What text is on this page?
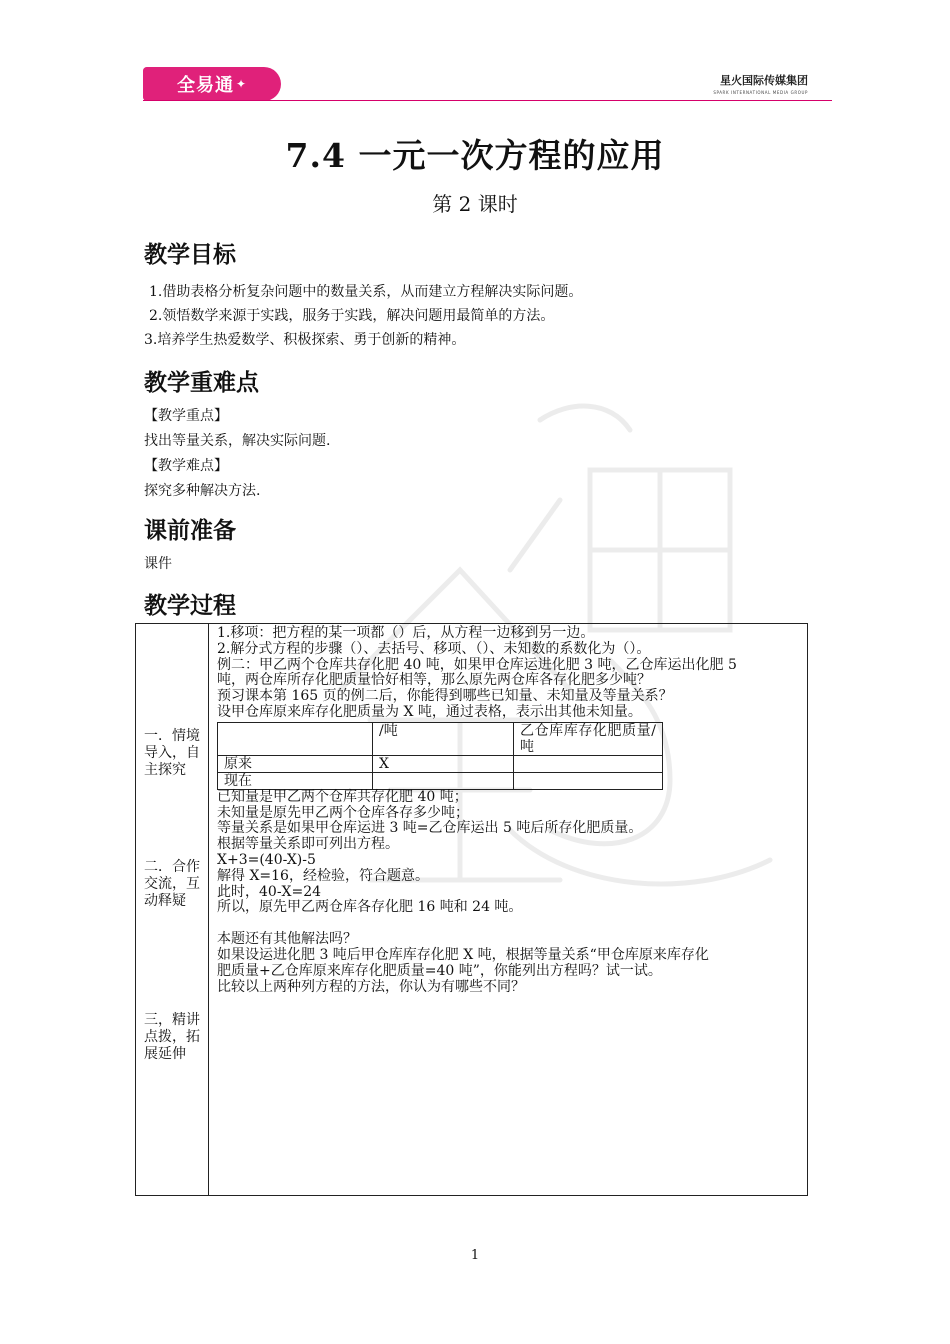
全易通 ✦	星火国际传媒集团
SPARK INTERNATIONAL MEDIA GROUP
7.4 一元一次方程的应用
第 2 课时
教学目标

1.借助表格分析复杂问题中的数量关系，从而建立方程解决实际问题。

2.领悟数学来源于实践，服务于实践，解决问题用最简单的方法。

3.培养学生热爱数学、积极探索、勇于创新的精神。

教学重难点

【教学重点】

找出等量关系，解决实际问题.

【教学难点】

探究多种解决方法.

课前准备

课件

教学过程
一．情境导入，自主探究
二．合作交流，互动释疑
三，精讲点拨，拓展延伸
1.移项：把方程的某一项都（）后，从方程一边移到另一边。
2.解分式方程的步骤（）、去括号、移项、（）、未知数的系数化为（）。
例二：甲乙两个仓库共存化肥 40 吨，如果甲仓库运进化肥 3 吨，乙仓库运出化肥 5
吨，两仓库所存化肥质量恰好相等，那么原先两仓库各存化肥多少吨？
预习课本第 165 页的例二后，你能得到哪些已知量、未知量及等量关系？
设甲仓库原来库存化肥质量为 X 吨，通过表格，表示出其他未知量。
	/吨	乙仓库库存化肥质量/吨
原来	X	
现在		
已知量是甲乙两个仓库共存化肥 40 吨；
未知量是原先甲乙两个仓库各存多少吨；
等量关系是如果甲仓库运进 3 吨=乙仓库运出 5 吨后所存化肥质量。
根据等量关系即可列出方程。
X+3=(40-X)-5
解得 X=16，经检验，符合题意。
此时，40-X=24
所以，原先甲乙两仓库各存化肥 16 吨和 24 吨。
本题还有其他解法吗？
如果设运进化肥 3 吨后甲仓库库存化肥 X 吨，根据等量关系“甲仓库原来库存化
肥质量+乙仓库原来库存化肥质量=40 吨”，你能列出方程吗？试一试。
比较以上两种列方程的方法，你认为有哪些不同？
1
